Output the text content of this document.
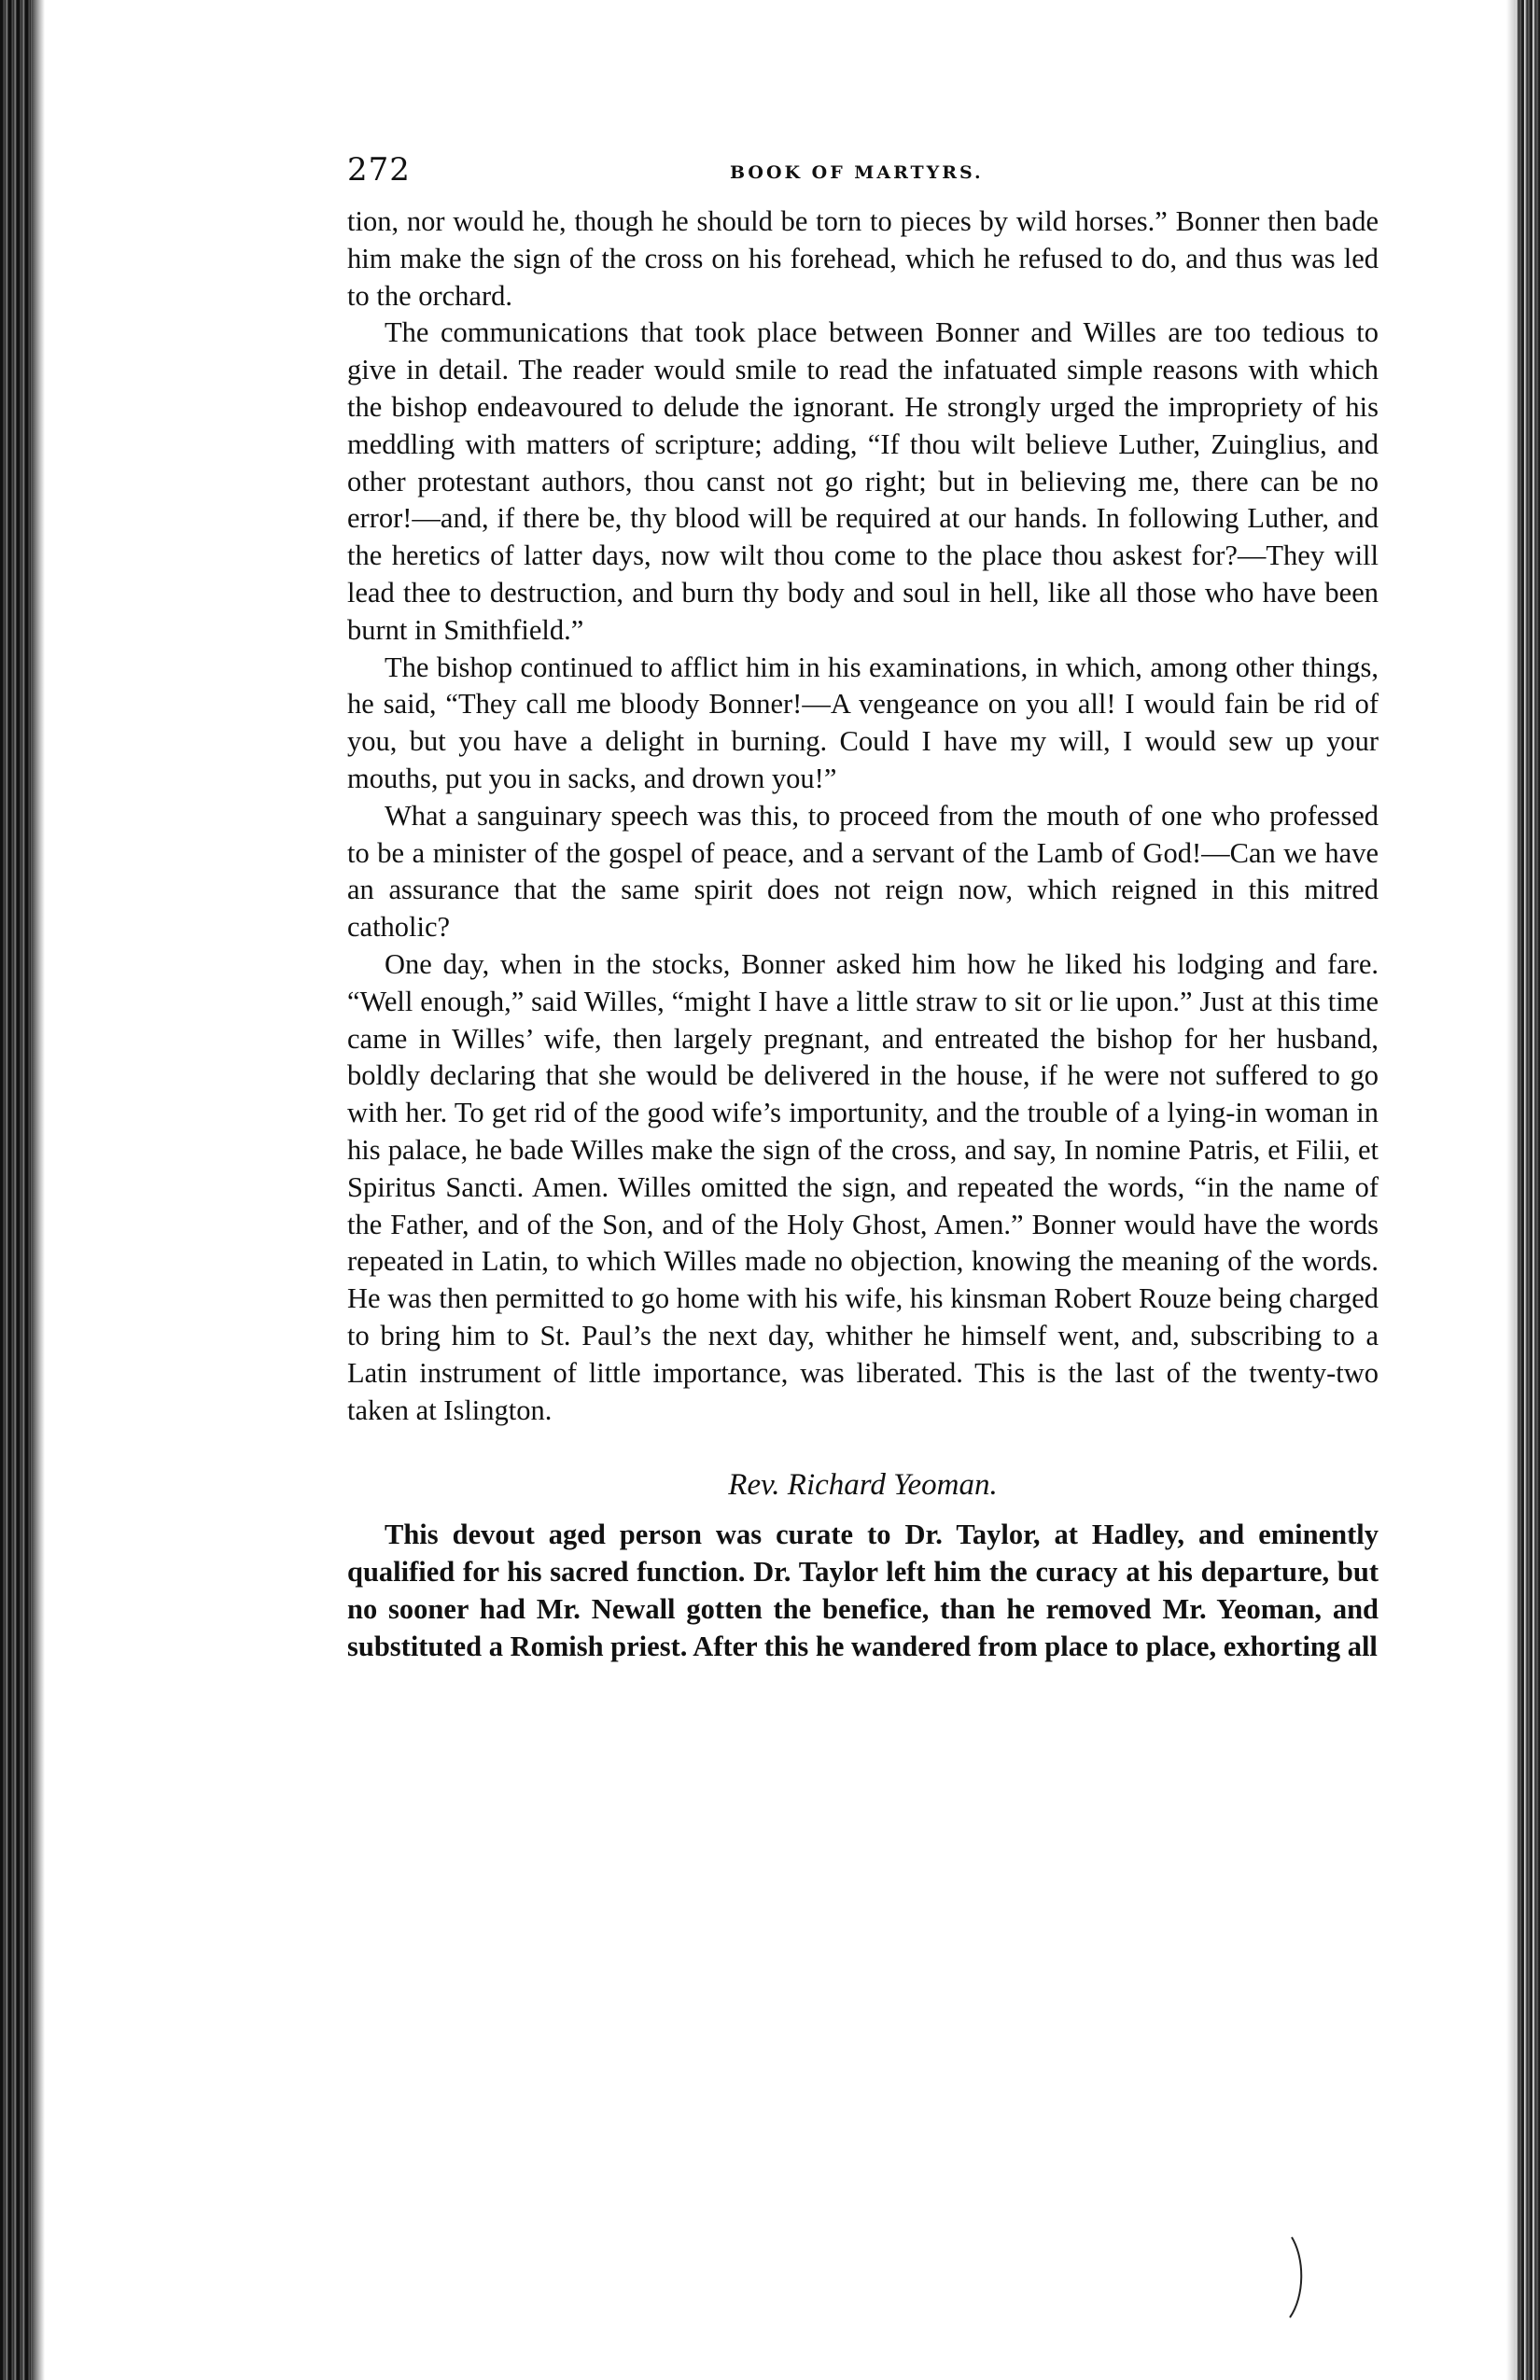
272	BOOK OF MARTYRS.

tion, nor would he, though he should be torn to pieces by wild horses.” Bonner then bade him make the sign of the cross on his forehead, which he refused to do, and thus was led to the orchard.

The communications that took place between Bonner and Willes are too tedious to give in detail. The reader would smile to read the infatuated simple reasons with which the bishop endeavoured to delude the ignorant. He strongly urged the impropriety of his meddling with matters of scripture; adding, “If thou wilt believe Luther, Zuinglius, and other protestant authors, thou canst not go right; but in believing me, there can be no error!—and, if there be, thy blood will be required at our hands. In following Luther, and the heretics of latter days, now wilt thou come to the place thou askest for?—They will lead thee to destruction, and burn thy body and soul in hell, like all those who have been burnt in Smithfield.”

The bishop continued to afflict him in his examinations, in which, among other things, he said, “They call me bloody Bonner!—A vengeance on you all! I would fain be rid of you, but you have a delight in burning. Could I have my will, I would sew up your mouths, put you in sacks, and drown you!”

What a sanguinary speech was this, to proceed from the mouth of one who professed to be a minister of the gospel of peace, and a servant of the Lamb of God!—Can we have an assurance that the same spirit does not reign now, which reigned in this mitred catholic?

One day, when in the stocks, Bonner asked him how he liked his lodging and fare. “Well enough,” said Willes, “might I have a little straw to sit or lie upon.” Just at this time came in Willes’ wife, then largely pregnant, and entreated the bishop for her husband, boldly declaring that she would be delivered in the house, if he were not suffered to go with her. To get rid of the good wife’s importunity, and the trouble of a lying-in woman in his palace, he bade Willes make the sign of the cross, and say, In nomine Patris, et Filii, et Spiritus Sancti. Amen. Willes omitted the sign, and repeated the words, “in the name of the Father, and of the Son, and of the Holy Ghost, Amen.” Bonner would have the words repeated in Latin, to which Willes made no objection, knowing the meaning of the words. He was then permitted to go home with his wife, his kinsman Robert Rouze being charged to bring him to St. Paul’s the next day, whither he himself went, and, subscribing to a Latin instrument of little importance, was liberated. This is the last of the twenty-two taken at Islington.

Rev. Richard Yeoman.

This devout aged person was curate to Dr. Taylor, at Hadley, and eminently qualified for his sacred function. Dr. Taylor left him the curacy at his departure, but no sooner had Mr. Newall gotten the benefice, than he removed Mr. Yeoman, and substituted a Romish priest. After this he wandered from place to place, exhorting all
